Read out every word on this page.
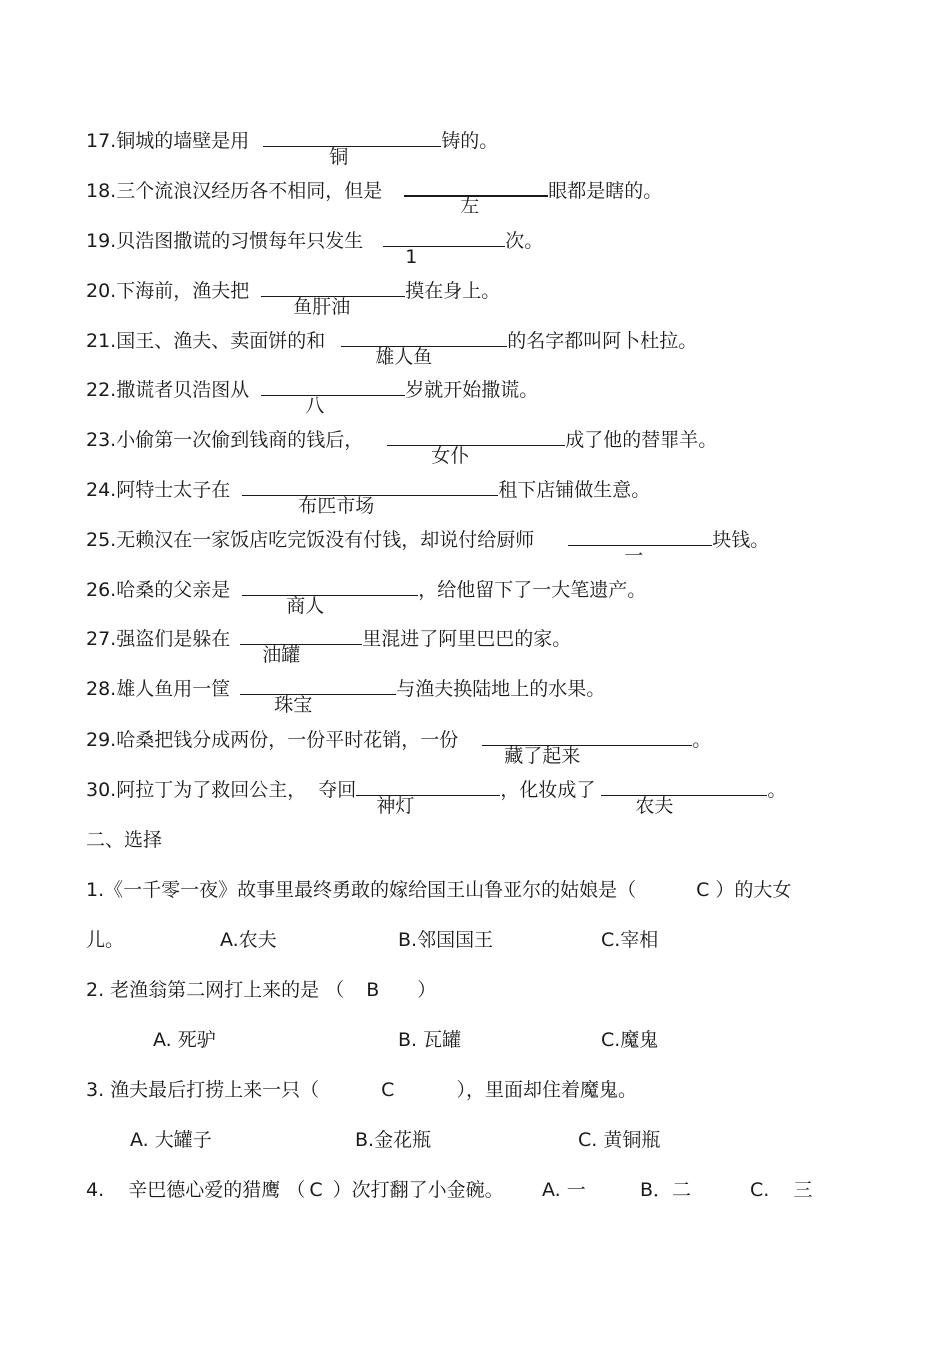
17.铜城的墙壁是用
铜
铸的。
18.三个流浪汉经历各不相同，但是
左
眼都是瞎的。
19.贝浩图撒谎的习惯每年只发生
1
次。
20.下海前，渔夫把
鱼肝油
摸在身上。
21.国王、渔夫、卖面饼的和
雄人鱼
的名字都叫阿卜杜拉。
22.撒谎者贝浩图从
八
岁就开始撒谎。
23.小偷第一次偷到钱商的钱后，
女仆
成了他的替罪羊。
24.阿特士太子在
布匹市场
租下店铺做生意。
25.无赖汉在一家饭店吃完饭没有付钱，却说付给厨师
一
块钱。
26.哈桑的父亲是
商人
，给他留下了一大笔遗产。
27.强盗们是躲在
油罐
里混进了阿里巴巴的家。
28.雄人鱼用一筐
珠宝
与渔夫换陆地上的水果。
29.哈桑把钱分成两份，一份平时花销，一份
藏了起来
。
30.阿拉丁为了救回公主，  夺回
神灯
，化妆成了
农夫
。
二、选择
1.《一千零一夜》故事里最终勇敢的嫁给国王山鲁亚尔的姑娘是（	C ）的大女
儿。	A.农夫	B.邻国国王	C.宰相
2. 老渔翁第二网打上来的是 （ B ）
A. 死驴	B. 瓦罐	C.魔鬼
3. 渔夫最后打捞上来一只（	C	），里面却住着魔鬼。
A. 大罐子	B.金花瓶	C. 黄铜瓶
4.    辛巴德心爱的猎鹰 （ C ）次打翻了小金碗。 A. 一	B．二	C.    三
